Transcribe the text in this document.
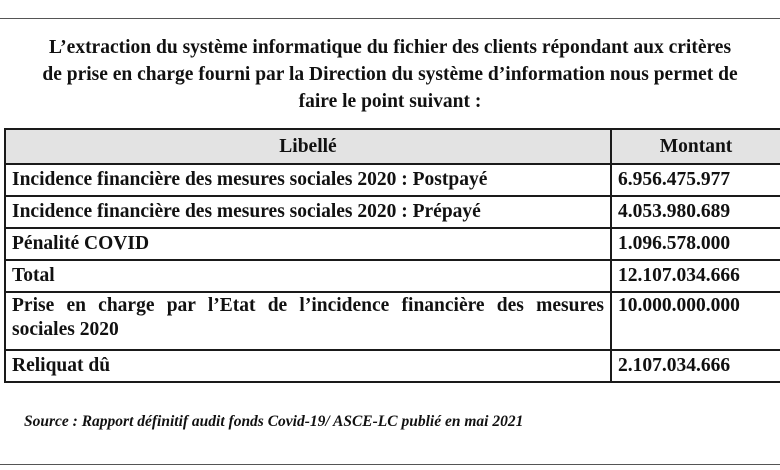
L’extraction du système informatique du fichier des clients répondant aux critères
de prise en charge fourni par la Direction du système d’information nous permet de
faire le point suivant :
Libellé	Montant
Incidence financière des mesures sociales 2020 : Postpayé	6.956.475.977
Incidence financière des mesures sociales 2020 : Prépayé	4.053.980.689
Pénalité COVID	1.096.578.000
Total	12.107.034.666
Prise en charge par l’Etat de l’incidence financière des mesures sociales 2020	10.000.000.000
Reliquat dû	2.107.034.666
Source : Rapport définitif audit fonds Covid-19/ ASCE-LC publié en mai 2021
